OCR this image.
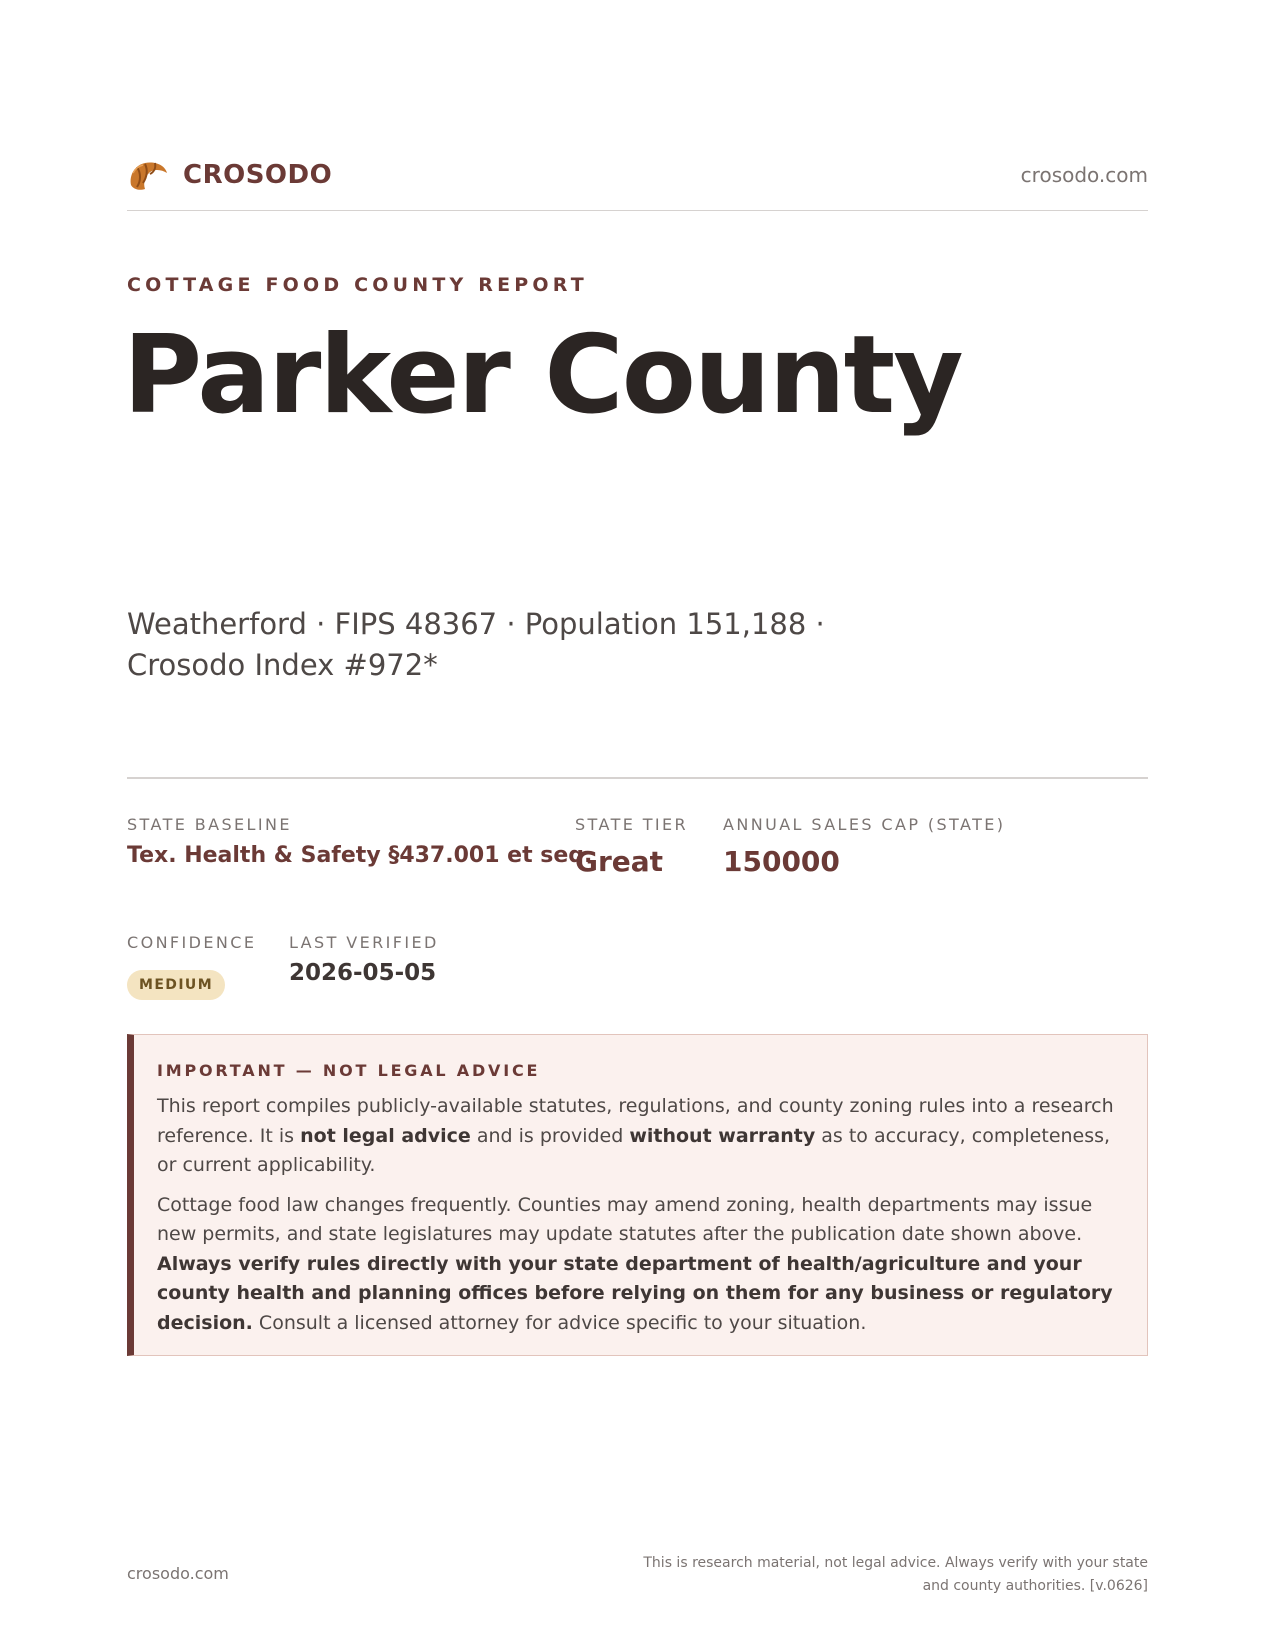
CROSODO	crosodo.com
COTTAGE FOOD COUNTY REPORT
Parker County
Weatherford · FIPS 48367 · Population 151,188 · Crosodo Index #972*
STATE BASELINE
Tex. Health & Safety §437.001 et seq.
STATE TIER
Great
ANNUAL SALES CAP (STATE)
150000
CONFIDENCE
MEDIUM
LAST VERIFIED
2026-05-05
IMPORTANT — NOT LEGAL ADVICE

This report compiles publicly-available statutes, regulations, and county zoning rules into a research reference. It is not legal advice and is provided without warranty as to accuracy, completeness, or current applicability.

Cottage food law changes frequently. Counties may amend zoning, health departments may issue new permits, and state legislatures may update statutes after the publication date shown above. Always verify rules directly with your state department of health/agriculture and your county health and planning offices before relying on them for any business or regulatory decision. Consult a licensed attorney for advice specific to your situation.

crosodo.com
This is research material, not legal advice. Always verify with your state and county authorities. [v.0626]
